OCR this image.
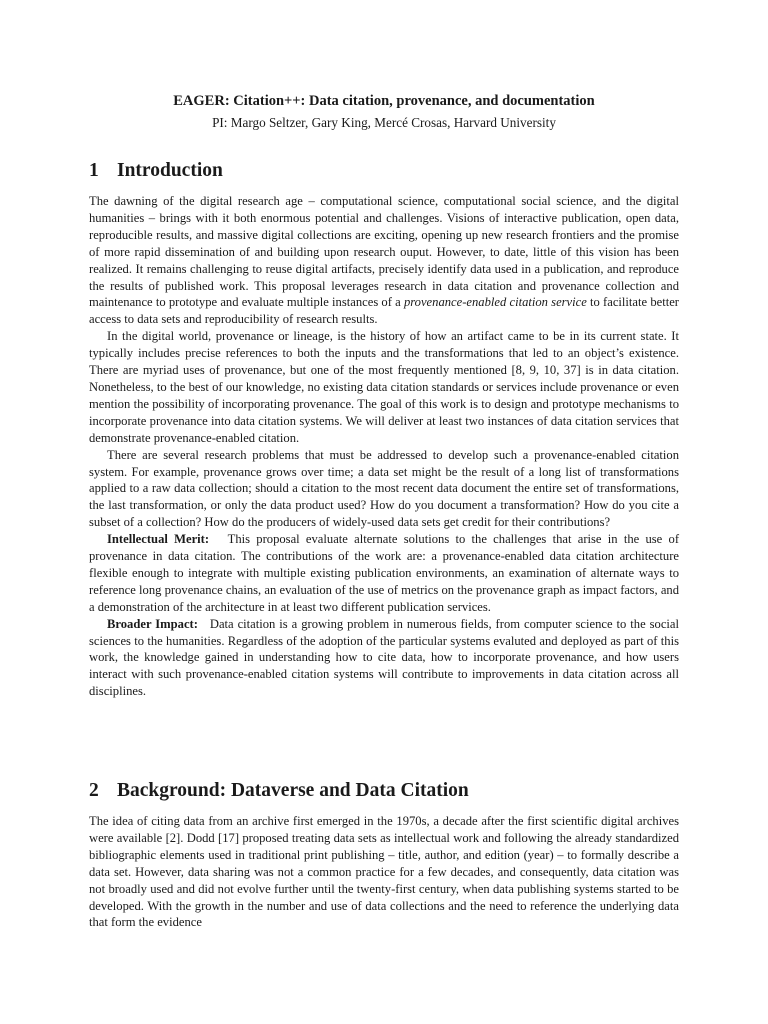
EAGER: Citation++: Data citation, provenance, and documentation
PI: Margo Seltzer, Gary King, Mercé Crosas, Harvard University
1 Introduction

The dawning of the digital research age – computational science, computational social science, and the digital humanities – brings with it both enormous potential and challenges. Visions of interactive publication, open data, reproducible results, and massive digital collections are exciting, opening up new research frontiers and the promise of more rapid dissemination of and building upon research ouput. However, to date, little of this vision has been realized. It remains challenging to reuse digital artifacts, precisely identify data used in a publication, and reproduce the results of published work. This proposal leverages research in data citation and provenance collection and maintenance to prototype and evaluate multiple instances of a provenance-enabled citation service to facilitate better access to data sets and reproducibility of research results.

In the digital world, provenance or lineage, is the history of how an artifact came to be in its current state. It typically includes precise references to both the inputs and the transformations that led to an object’s existence. There are myriad uses of provenance, but one of the most frequently mentioned [8, 9, 10, 37] is in data citation. Nonetheless, to the best of our knowledge, no existing data citation standards or services include provenance or even mention the possibility of incorporating provenance. The goal of this work is to design and prototype mechanisms to incorporate provenance into data citation systems. We will deliver at least two instances of data citation services that demonstrate provenance-enabled citation.

There are several research problems that must be addressed to develop such a provenance-enabled citation system. For example, provenance grows over time; a data set might be the result of a long list of transformations applied to a raw data collection; should a citation to the most recent data document the entire set of transformations, the last transformation, or only the data product used? How do you document a transformation? How do you cite a subset of a collection? How do the producers of widely-used data sets get credit for their contributions?

Intellectual Merit: This proposal evaluate alternate solutions to the challenges that arise in the use of provenance in data citation. The contributions of the work are: a provenance-enabled data citation architecture flexible enough to integrate with multiple existing publication environments, an examination of alternate ways to reference long provenance chains, an evaluation of the use of metrics on the provenance graph as impact factors, and a demonstration of the architecture in at least two different publication services.

Broader Impact: Data citation is a growing problem in numerous fields, from computer science to the social sciences to the humanities. Regardless of the adoption of the particular systems evaluted and deployed as part of this work, the knowledge gained in understanding how to cite data, how to incorporate provenance, and how users interact with such provenance-enabled citation systems will contribute to improvements in data citation across all disciplines.

2 Background: Dataverse and Data Citation

The idea of citing data from an archive first emerged in the 1970s, a decade after the first scientific digital archives were available [2]. Dodd [17] proposed treating data sets as intellectual work and following the already standardized bibliographic elements used in traditional print publishing – title, author, and edition (year) – to formally describe a data set. However, data sharing was not a common practice for a few decades, and consequently, data citation was not broadly used and did not evolve further until the twenty-first century, when data publishing systems started to be developed. With the growth in the number and use of data collections and the need to reference the underlying data that form the evidence
